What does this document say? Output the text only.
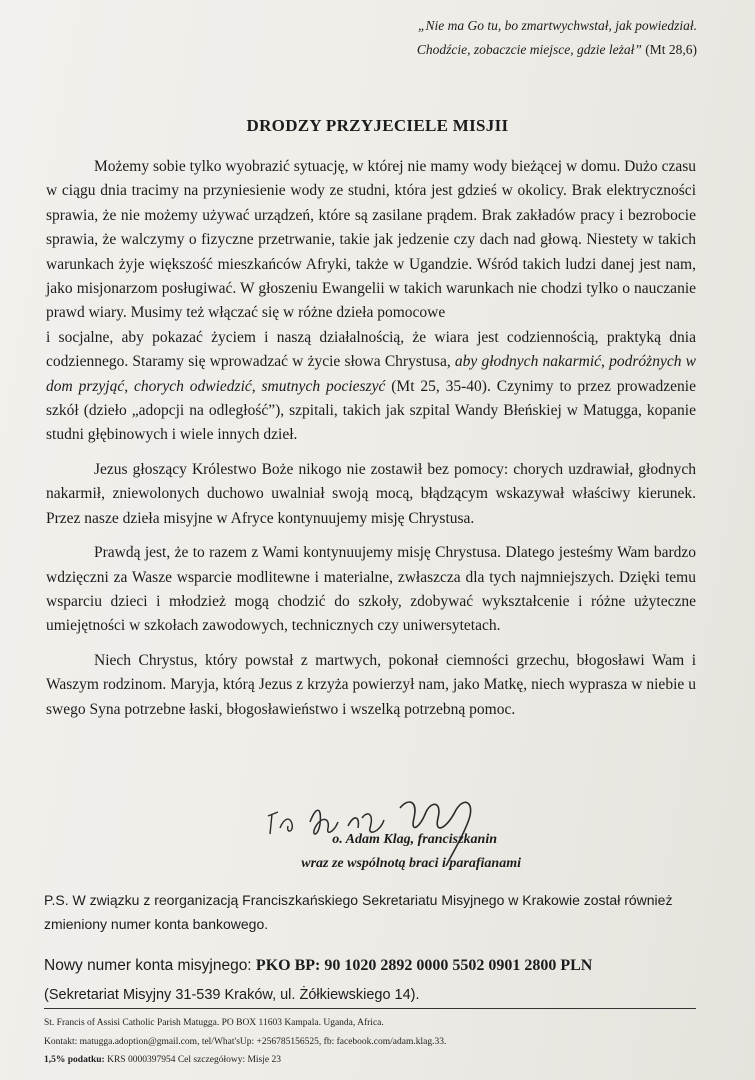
„Nie ma Go tu, bo zmartwychwstał, jak powiedział.
Chodźcie, zobaczcie miejsce, gdzie leżał” (Mt 28,6)
DRODZY PRZYJECIELE MISJII

Możemy sobie tylko wyobrazić sytuację, w której nie mamy wody bieżącej w domu. Dużo czasu w ciągu dnia tracimy na przyniesienie wody ze studni, która jest gdzieś w okolicy. Brak elektryczności sprawia, że nie możemy używać urządzeń, które są zasilane prądem. Brak zakładów pracy i bezrobocie sprawia, że walczymy o fizyczne przetrwanie, takie jak jedzenie czy dach nad głową. Niestety w takich warunkach żyje większość mieszkańców Afryki, także w Ugandzie. Wśród takich ludzi danej jest nam, jako misjonarzom posługiwać. W głoszeniu Ewangelii w takich warunkach nie chodzi tylko o nauczanie prawd wiary. Musimy też włączać się w różne dzieła pomocowe

i socjalne, aby pokazać życiem i naszą działalnością, że wiara jest codziennością, praktyką dnia codziennego. Staramy się wprowadzać w życie słowa Chrystusa, aby głodnych nakarmić, podróżnych w dom przyjąć, chorych odwiedzić, smutnych pocieszyć (Mt 25, 35-40). Czynimy to przez prowadzenie szkół (dzieło „adopcji na odległość”), szpitali, takich jak szpital Wandy Błeńskiej w Matugga, kopanie studni głębinowych i wiele innych dzieł.

Jezus głoszący Królestwo Boże nikogo nie zostawił bez pomocy: chorych uzdrawiał, głodnych nakarmił, zniewolonych duchowo uwalniał swoją mocą, błądzącym wskazywał właściwy kierunek. Przez nasze dzieła misyjne w Afryce kontynuujemy misję Chrystusa.

Prawdą jest, że to razem z Wami kontynuujemy misję Chrystusa. Dlatego jesteśmy Wam bardzo wdzięczni za Wasze wsparcie modlitewne i materialne, zwłaszcza dla tych najmniejszych. Dzięki temu wsparciu dzieci i młodzież mogą chodzić do szkoły, zdobywać wykształcenie i różne użyteczne umiejętności w szkołach zawodowych, technicznych czy uniwersytetach.

Niech Chrystus, który powstał z martwych, pokonał ciemności grzechu, błogosławi Wam i Waszym rodzinom. Maryja, którą Jezus z krzyża powierzył nam, jako Matkę, niech wyprasza w niebie u swego Syna potrzebne łaski, błogosławieństwo i wszelką potrzebną pomoc.

o. Adam Klag, franciszkanin
wraz ze wspólnotą braci i parafianami
P.S. W związku z reorganizacją Franciszkańskiego Sekretariatu Misyjnego w Krakowie został również zmieniony numer konta bankowego.
Nowy numer konta misyjnego: PKO BP: 90 1020 2892 0000 5502 0901 2800 PLN
(Sekretariat Misyjny 31-539 Kraków, ul. Żółkiewskiego 14).
St. Francis of Assisi Catholic Parish Matugga. PO BOX 11603 Kampala. Uganda, Africa.
Kontakt: matugga.adoption@gmail.com, tel/What'sUp: +256785156525, fb: facebook.com/adam.klag.33.
1,5% podatku: KRS 0000397954 Cel szczegółowy: Misje 23
